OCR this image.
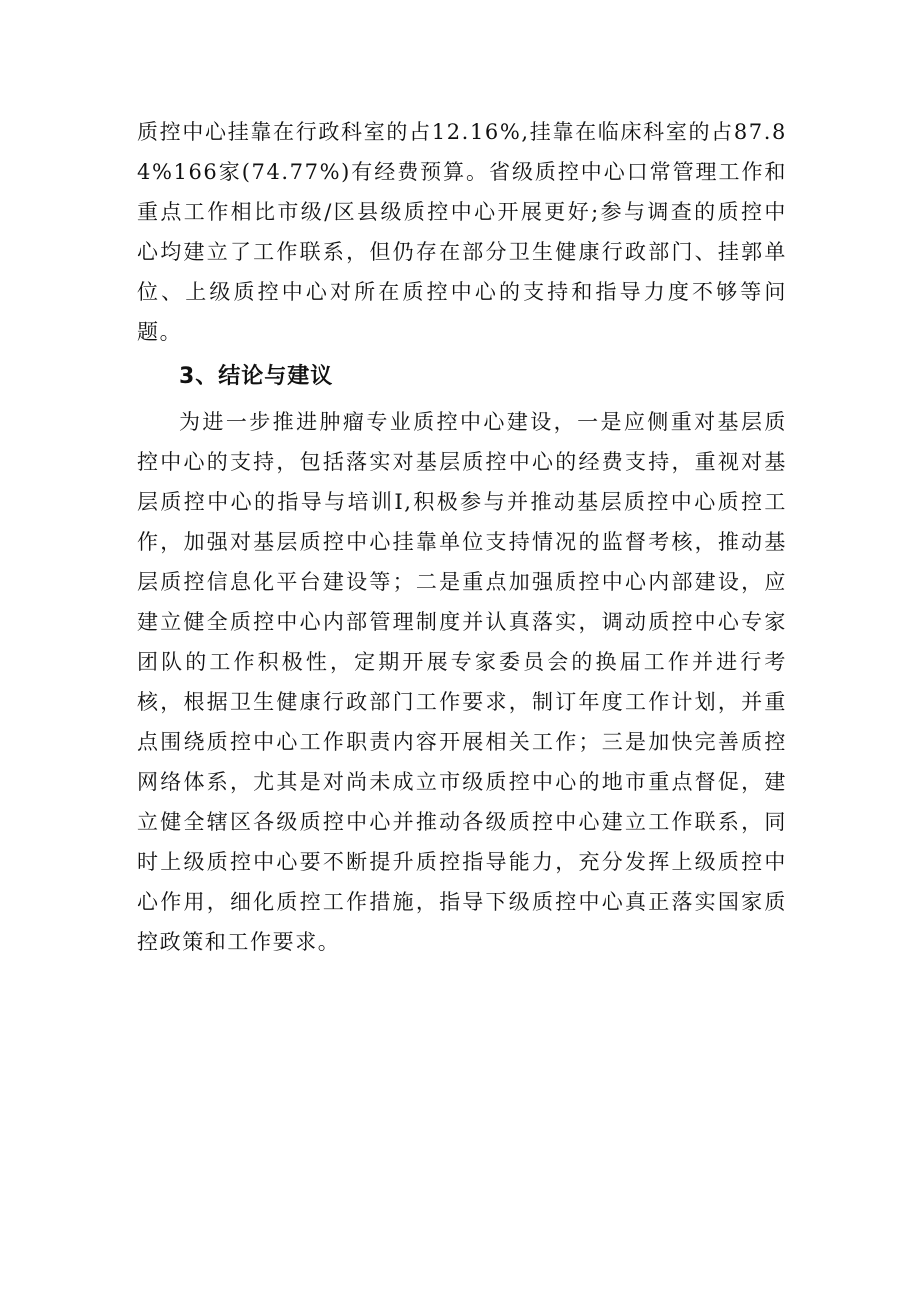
质控中心挂靠在行政科室的占12.16%,挂靠在临床科室的占87.84%166家(74.77%)有经费预算。省级质控中心口常管理工作和重点工作相比市级/区县级质控中心开展更好;参与调查的质控中心均建立了工作联系，但仍存在部分卫生健康行政部门、挂郭单位、上级质控中心对所在质控中心的支持和指导力度不够等问题。

3、结论与建议

为进一步推进肿瘤专业质控中心建设，一是应侧重对基层质控中心的支持，包括落实对基层质控中心的经费支持，重视对基层质控中心的指导与培训I,积极参与并推动基层质控中心质控工作，加强对基层质控中心挂靠单位支持情况的监督考核，推动基层质控信息化平台建设等；二是重点加强质控中心内部建设，应建立健全质控中心内部管理制度并认真落实，调动质控中心专家团队的工作积极性，定期开展专家委员会的换届工作并进行考核，根据卫生健康行政部门工作要求，制订年度工作计划，并重点围绕质控中心工作职责内容开展相关工作；三是加快完善质控网络体系，尤其是对尚未成立市级质控中心的地市重点督促，建立健全辖区各级质控中心并推动各级质控中心建立工作联系，同时上级质控中心要不断提升质控指导能力，充分发挥上级质控中心作用，细化质控工作措施，指导下级质控中心真正落实国家质控政策和工作要求。
